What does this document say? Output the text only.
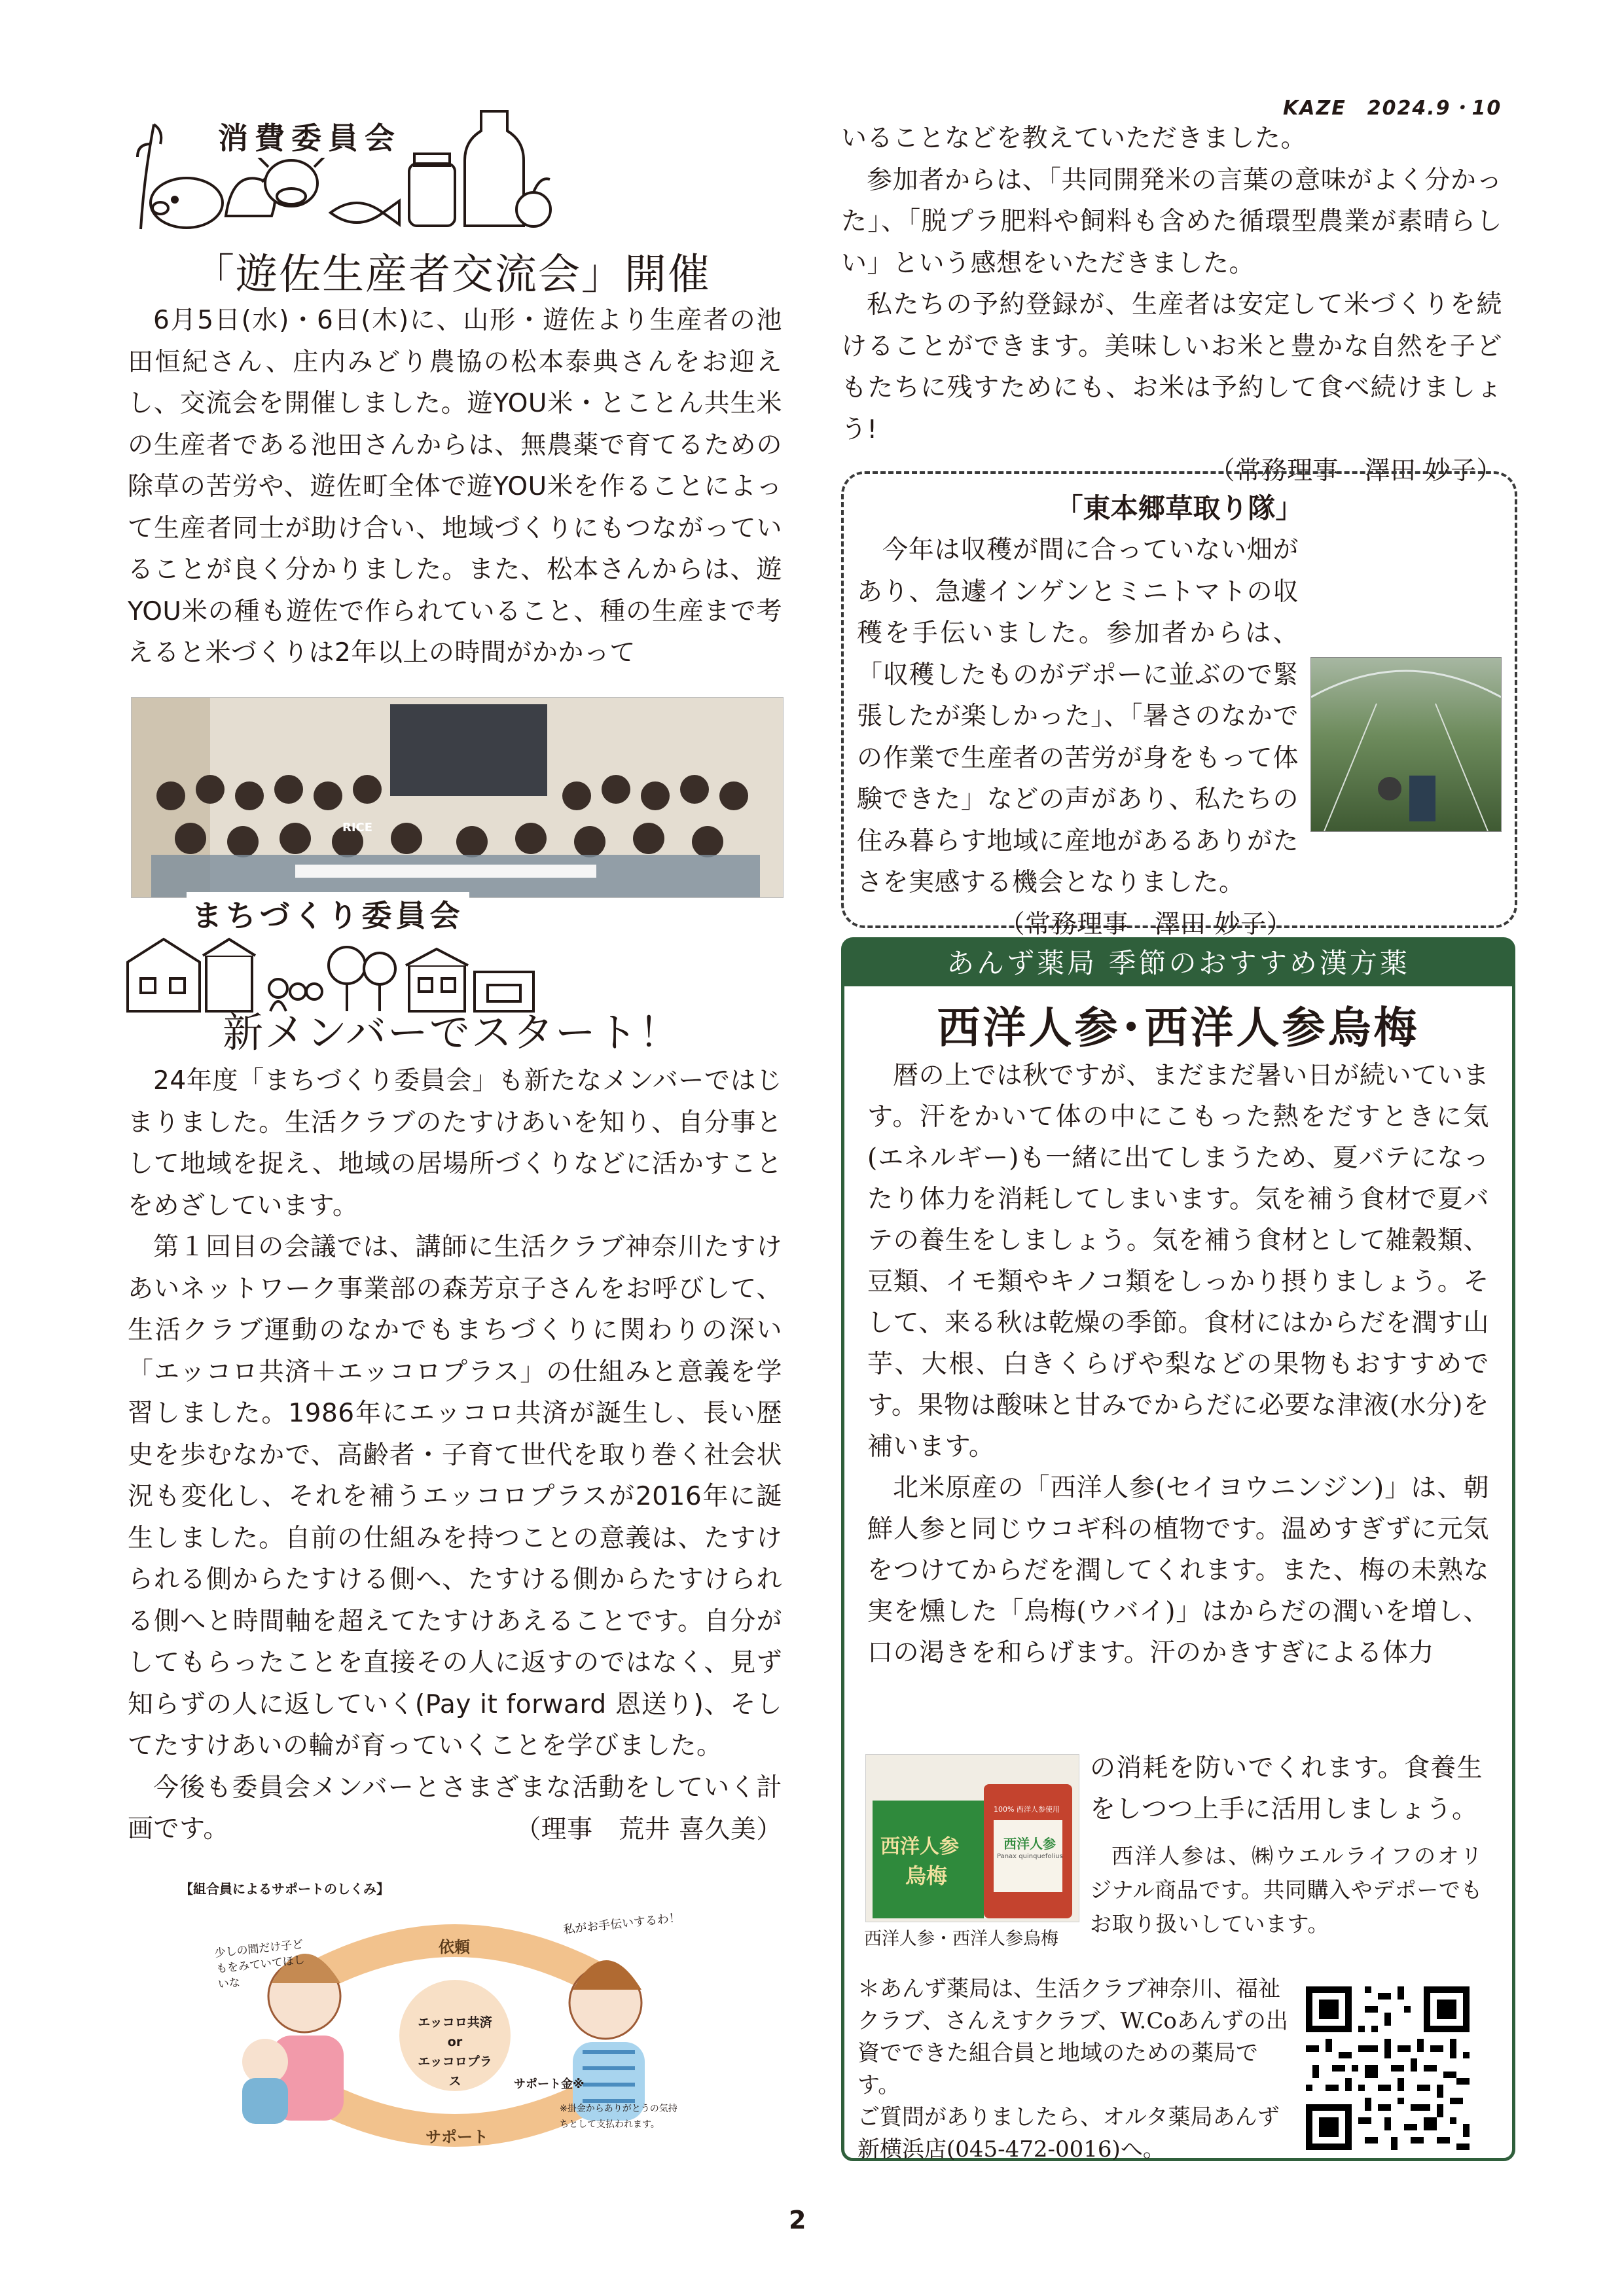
KAZE　2024.9・10
消費委員会
「遊佐生産者交流会」開催

6月5日(水)・6日(木)に、山形・遊佐より生産者の池田恒紀さん、庄内みどり農協の松本泰典さんをお迎えし、交流会を開催しました。遊YOU米・とことん共生米の生産者である池田さんからは、無農薬で育てるための除草の苦労や、遊佐町全体で遊YOU米を作ることによって生産者同士が助け合い、地域づくりにもつながっていることが良く分かりました。また、松本さんからは、遊YOU米の種も遊佐で作られていること、種の生産まで考えると米づくりは2年以上の時間がかかって

RICE
まちづくり委員会
新メンバーでスタート！

24年度「まちづくり委員会」も新たなメンバーではじまりました。生活クラブのたすけあいを知り、自分事として地域を捉え、地域の居場所づくりなどに活かすことをめざしています。

第１回目の会議では、講師に生活クラブ神奈川たすけあいネットワーク事業部の森芳京子さんをお呼びして、生活クラブ運動のなかでもまちづくりに関わりの深い「エッコロ共済＋エッコロプラス」の仕組みと意義を学習しました。1986年にエッコロ共済が誕生し、長い歴史を歩むなかで、高齢者・子育て世代を取り巻く社会状況も変化し、それを補うエッコロプラスが2016年に誕生しました。自前の仕組みを持つことの意義は、たすけられる側からたすける側へ、たすける側からたすけられる側へと時間軸を超えてたすけあえることです。自分がしてもらったことを直接その人に返すのではなく、見ず知らずの人に返していく(Pay it forward 恩送り)、そしてたすけあいの輪が育っていくことを学びました。

今後も委員会メンバーとさまざまな活動をしていく計画です。	（理事　荒井 喜久美）
【組合員によるサポートのしくみ】
少しの間だけ子どもをみていてほしいな
私がお手伝いするわ！
依頼
サポート
エッコロ共済or
エッコロプラス	サポート金※
※掛金からありがとうの気持ちとして支払われます。

いることなどを教えていただきました。

参加者からは、「共同開発米の言葉の意味がよく分かった」、「脱プラ肥料や飼料も含めた循環型農業が素晴らしい」という感想をいただきました。

私たちの予約登録が、生産者は安定して米づくりを続けることができます。美味しいお米と豊かな自然を子どもたちに残すためにも、お米は予約して食べ続けましょう!

（常務理事　澤田 妙子）
「東本郷草取り隊」

今年は収穫が間に合っていない畑があり、急遽インゲンとミニトマトの収穫を手伝いました。参加者からは、「収穫したものがデポーに並ぶので緊張したが楽しかった」、「暑さのなかでの作業で生産者の苦労が身をもって体験できた」などの声があり、私たちの住み暮らす地域に産地があるありがたさを実感する機会となりました。

（常務理事　澤田 妙子）
あんず薬局 季節のおすすめ漢方薬
西洋人参･西洋人参烏梅

暦の上では秋ですが、まだまだ暑い日が続いています。汗をかいて体の中にこもった熱をだすときに気(エネルギー)も一緒に出てしまうため、夏バテになったり体力を消耗してしまいます。気を補う食材で夏バテの養生をしましょう。気を補う食材として雑穀類、豆類、イモ類やキノコ類をしっかり摂りましょう。そして、来る秋は乾燥の季節。食材にはからだを潤す山芋、大根、白きくらげや梨などの果物もおすすめです。果物は酸味と甘みでからだに必要な津液(水分)を補います。

北米原産の「西洋人参(セイヨウニンジン)」は、朝鮮人参と同じウコギ科の植物です。温めすぎずに元気をつけてからだを潤してくれます。また、梅の未熟な実を燻した「烏梅(ウバイ)」はからだの潤いを増し、口の渇きを和らげます。汗のかきすぎによる体力

西洋人参
烏梅
100% 西洋人参使用
西洋人参
Panax quinquefolius
西洋人参・西洋人参烏梅

の消耗を防いでくれます。食養生をしつつ上手に活用しましょう。

西洋人参は、㈱ウエルライフのオリジナル商品です。共同購入やデポーでもお取り扱いしています。

＊あんず薬局は、生活クラブ神奈川、福祉クラブ、さんえすクラブ、W.Coあんずの出資でできた組合員と地域のための薬局です。
ご質問がありましたら、オルタ薬局あんず新横浜店(045-472-0016)へ。
2
